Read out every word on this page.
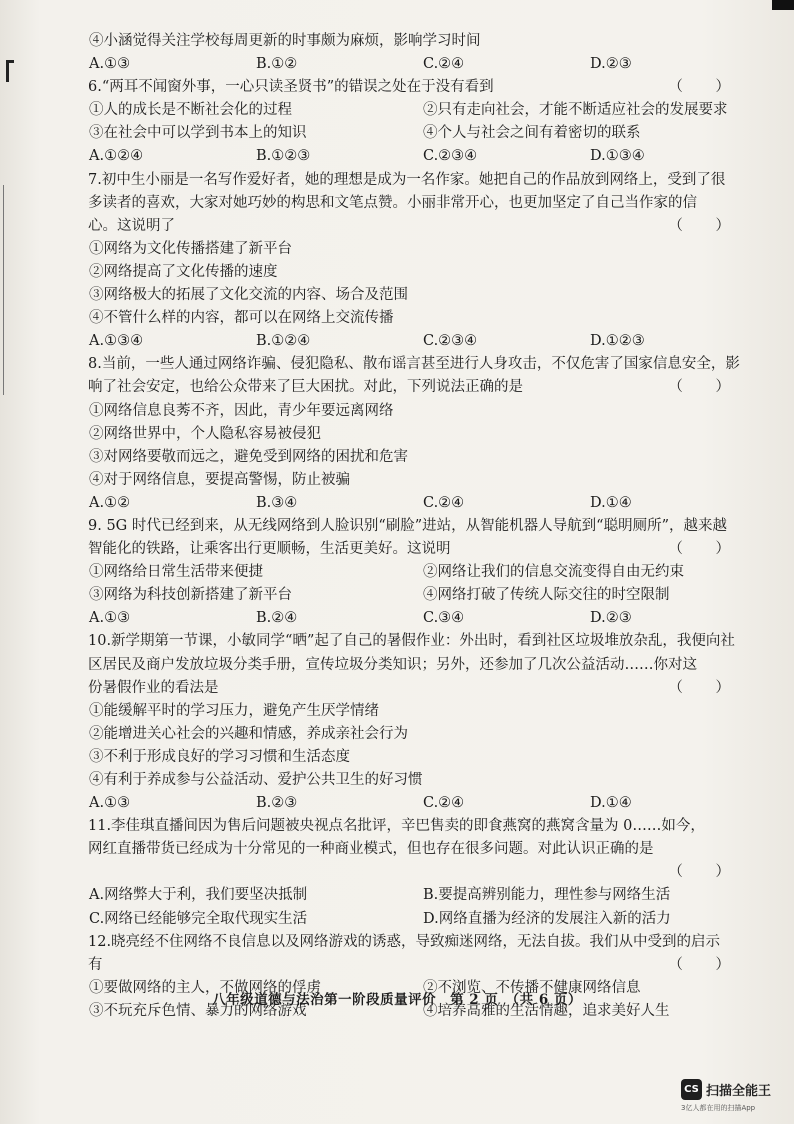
④小涵觉得关注学校每周更新的时事颇为麻烦，影响学习时间
A.①③	B.①②	C.②④	D.②③
6.“两耳不闻窗外事，一心只读圣贤书”的错误之处在于没有看到	（ ）
①人的成长是不断社会化的过程	②只有走向社会，才能不断适应社会的发展要求
③在社会中可以学到书本上的知识	④个人与社会之间有着密切的联系
A.①②④	B.①②③	C.②③④	D.①③④
7.初中生小丽是一名写作爱好者，她的理想是成为一名作家。她把自己的作品放到网络上，受到了很
多读者的喜欢，大家对她巧妙的构思和文笔点赞。小丽非常开心，也更加坚定了自己当作家的信
心。这说明了	（ ）
①网络为文化传播搭建了新平台
②网络提高了文化传播的速度
③网络极大的拓展了文化交流的内容、场合及范围
④不管什么样的内容，都可以在网络上交流传播
A.①③④	B.①②④	C.②③④	D.①②③
8.当前，一些人通过网络诈骗、侵犯隐私、散布谣言甚至进行人身攻击，不仅危害了国家信息安全，影
响了社会安定，也给公众带来了巨大困扰。对此，下列说法正确的是	（ ）
①网络信息良莠不齐，因此，青少年要远离网络
②网络世界中，个人隐私容易被侵犯
③对网络要敬而远之，避免受到网络的困扰和危害
④对于网络信息，要提高警惕，防止被骗
A.①②	B.③④	C.②④	D.①④
9. 5G 时代已经到来，从无线网络到人脸识别“刷脸”进站，从智能机器人导航到“聪明厕所”，越来越
智能化的铁路，让乘客出行更顺畅，生活更美好。这说明	（ ）
①网络给日常生活带来便捷	②网络让我们的信息交流变得自由无约束
③网络为科技创新搭建了新平台	④网络打破了传统人际交往的时空限制
A.①③	B.②④	C.③④	D.②③
10.新学期第一节课，小敏同学“晒”起了自己的暑假作业：外出时，看到社区垃圾堆放杂乱，我便向社
区居民及商户发放垃圾分类手册，宣传垃圾分类知识；另外，还参加了几次公益活动……你对这
份暑假作业的看法是	（ ）
①能缓解平时的学习压力，避免产生厌学情绪
②能增进关心社会的兴趣和情感，养成亲社会行为
③不利于形成良好的学习习惯和生活态度
④有利于养成参与公益活动、爱护公共卫生的好习惯
A.①③	B.②③	C.②④	D.①④
11.李佳琪直播间因为售后问题被央视点名批评，辛巴售卖的即食燕窝的燕窝含量为 0……如今，
网红直播带货已经成为十分常见的一种商业模式，但也存在很多问题。对此认识正确的是
（ ）
A.网络弊大于利，我们要坚决抵制	B.要提高辨别能力，理性参与网络生活
C.网络已经能够完全取代现实生活	D.网络直播为经济的发展注入新的活力
12.晓亮经不住网络不良信息以及网络游戏的诱惑，导致痴迷网络，无法自拔。我们从中受到的启示
有	（ ）
①要做网络的主人，不做网络的俘虏	②不浏览、不传播不健康网络信息
③不玩充斥色情、暴力的网络游戏	④培养高雅的生活情趣，追求美好人生
八年级道德与法治第一阶段质量评价　第 2 页　（共 6 页）
CS 扫描全能王
3亿人都在用的扫描App
